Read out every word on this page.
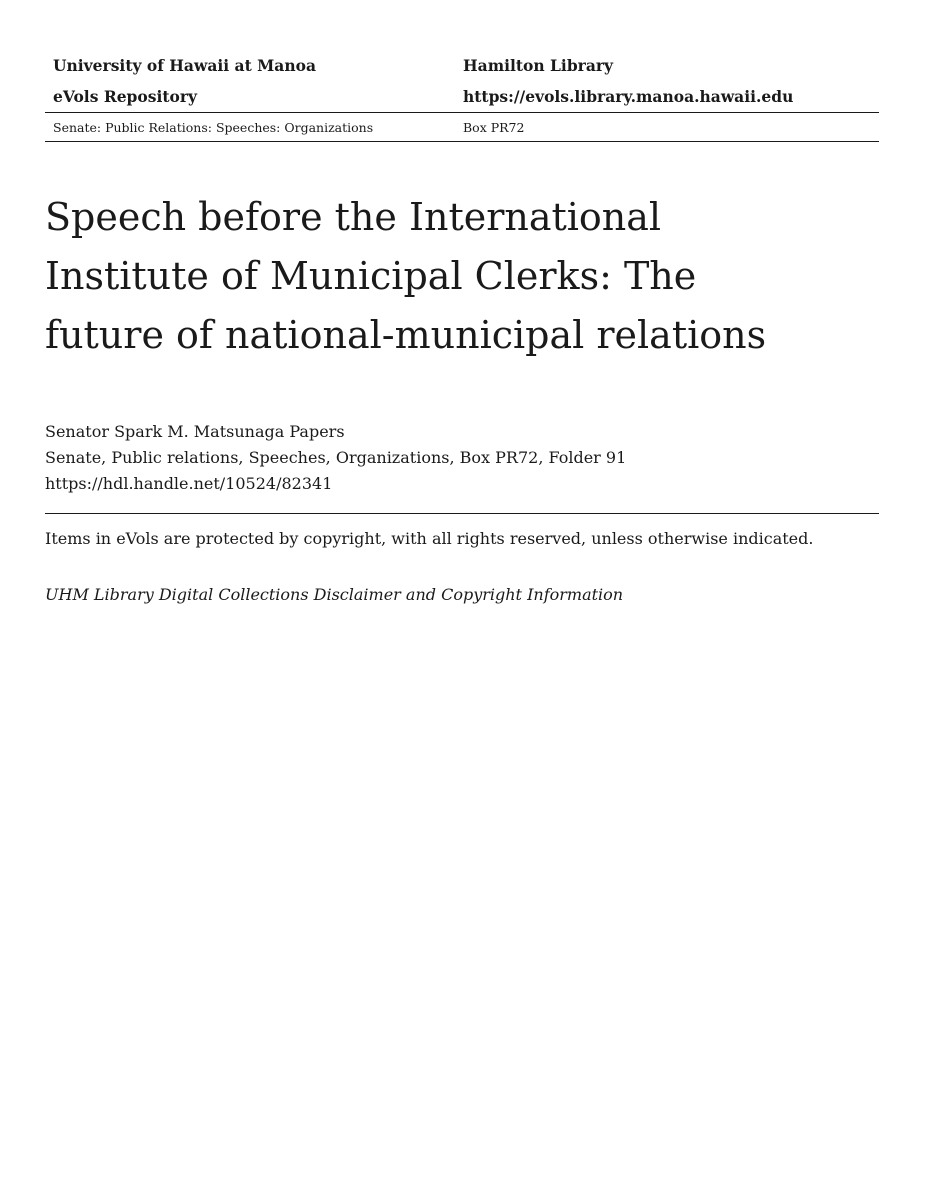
University of Hawaii at Manoa	Hamilton Library
eVols Repository	https://evols.library.manoa.hawaii.edu
Senate: Public Relations: Speeches: Organizations	Box PR72
Speech before the International Institute of Municipal Clerks: The future of national-municipal relations
Senator Spark M. Matsunaga Papers
Senate, Public relations, Speeches, Organizations, Box PR72, Folder 91
https://hdl.handle.net/10524/82341
Items in eVols are protected by copyright, with all rights reserved, unless otherwise indicated.
UHM Library Digital Collections Disclaimer and Copyright Information
